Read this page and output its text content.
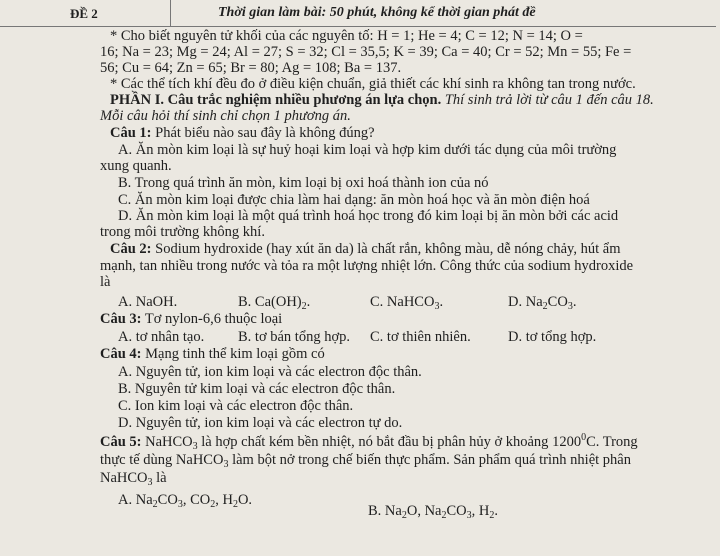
ĐỀ 2	Thời gian làm bài: 50 phút, không kể thời gian phát đề
* Cho biết nguyên tử khối của các nguyên tố: H = 1; He = 4; C = 12; N = 14; O =
16; Na = 23; Mg = 24; Al = 27; S = 32; Cl = 35,5; K = 39; Ca = 40; Cr = 52; Mn = 55; Fe =
56; Cu = 64; Zn = 65; Br = 80; Ag = 108; Ba = 137.
* Các thể tích khí đều đo ở điều kiện chuẩn, giả thiết các khí sinh ra không tan trong nước.
PHẦN I. Câu trắc nghiệm nhiều phương án lựa chọn. Thí sinh trả lời từ câu 1 đến câu 18.
Mỗi câu hỏi thí sinh chỉ chọn 1 phương án.
Câu 1: Phát biểu nào sau đây là không đúng?
A. Ăn mòn kim loại là sự huỷ hoại kim loại và hợp kim dưới tác dụng của môi trường
xung quanh.
B. Trong quá trình ăn mòn, kim loại bị oxi hoá thành ion của nó
C. Ăn mòn kim loại được chia làm hai dạng: ăn mòn hoá học và ăn mòn điện hoá
D. Ăn mòn kim loại là một quá trình hoá học trong đó kim loại bị ăn mòn bởi các acid
trong môi trường không khí.
Câu 2: Sodium hydroxide (hay xút ăn da) là chất rắn, không màu, dễ nóng chảy, hút ẩm
mạnh, tan nhiều trong nước và tỏa ra một lượng nhiệt lớn. Công thức của sodium hydroxide
là
A. NaOH.	B. $Ca(OH)_2$.	C. NaHCO$_3$.	D. $Na_2CO_3$.
Câu 3: Tơ nylon-6,6 thuộc loại
A. tơ nhân tạo. B. tơ bán tổng hợp. C. tơ thiên nhiên.	D. tơ tổng hợp.
Câu 4: Mạng tinh thể kim loại gồm có
A. Nguyên tử, ion kim loại và các electron độc thân.
B. Nguyên tử kim loại và các electron độc thân.
C. Ion kim loại và các electron độc thân.
D. Nguyên tử, ion kim loại và các electron tự do.
Câu 5: NaHCO$_3$ là hợp chất kém bền nhiệt, nó bắt đầu bị phân hủy ở khoảng 1200$^0$C. Trong
thực tế dùng NaHCO$_3$ làm bột nở trong chế biến thực phẩm. Sản phẩm quá trình nhiệt phân
NaHCO$_3$ là
A. $Na_2CO_3$, $CO_2$, $H_2O$.
B. $Na_2O$, $Na_2CO_3$, $H_2$.
